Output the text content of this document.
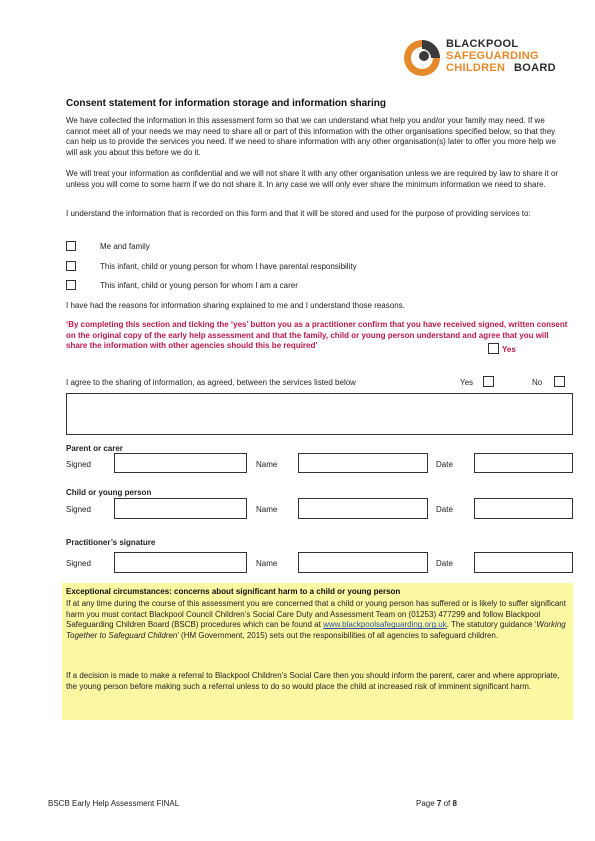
BLACKPOOL
SAFEGUARDING
CHILDREN BOARD
Consent statement for information storage and information sharing
We have collected the information in this assessment form so that we can understand what help you and/or your family may need. If we cannot meet all of your needs we may need to share all or part of this information with the other organisations specified below, so that they can help us to provide the services you need. If we need to share information with any other organisation(s) later to offer you more help we will ask you about this before we do it.
We will treat your information as confidential and we will not share it with any other organisation unless we are required by law to share it or unless you will come to some harm if we do not share it. In any case we will only ever share the minimum information we need to share.
I understand the information that is recorded on this form and that it will be stored and used for the purpose of providing services to:
Me and family
This infant, child or young person for whom I have parental responsibility
This infant, child or young person for whom I am a carer
I have had the reasons for information sharing explained to me and I understand those reasons.
‘By completing this section and ticking the ‘yes’ button you as a practitioner confirm that you have received signed, written consent on the original copy of the early help assessment and that the family, child or young person understand and agree that you will share the information with other agencies should this be required’	Yes
I agree to the sharing of information, as agreed, between the services listed below	Yes	No
Parent or carer
Signed	Name	Date
Child or young person
Signed	Name	Date
Practitioner’s signature
Signed	Name	Date
Exceptional circumstances: concerns about significant harm to a child or young person
If at any time during the course of this assessment you are concerned that a child or young person has suffered or is likely to suffer significant harm you must contact Blackpool Council Children’s Social Care Duty and Assessment Team on (01253) 477299 and follow Blackpool Safeguarding Children Board (BSCB) procedures which can be found at www.blackpoolsafeguarding.org.uk. The statutory guidance ‘Working Together to Safeguard Children’ (HM Government, 2015) sets out the responsibilities of all agencies to safeguard children.
If a decision is made to make a referral to Blackpool Children’s Social Care then you should inform the parent, carer and where appropriate, the young person before making such a referral unless to do so would place the child at increased risk of imminent significant harm.
BSCB Early Help Assessment FINAL	Page 7 of 8
